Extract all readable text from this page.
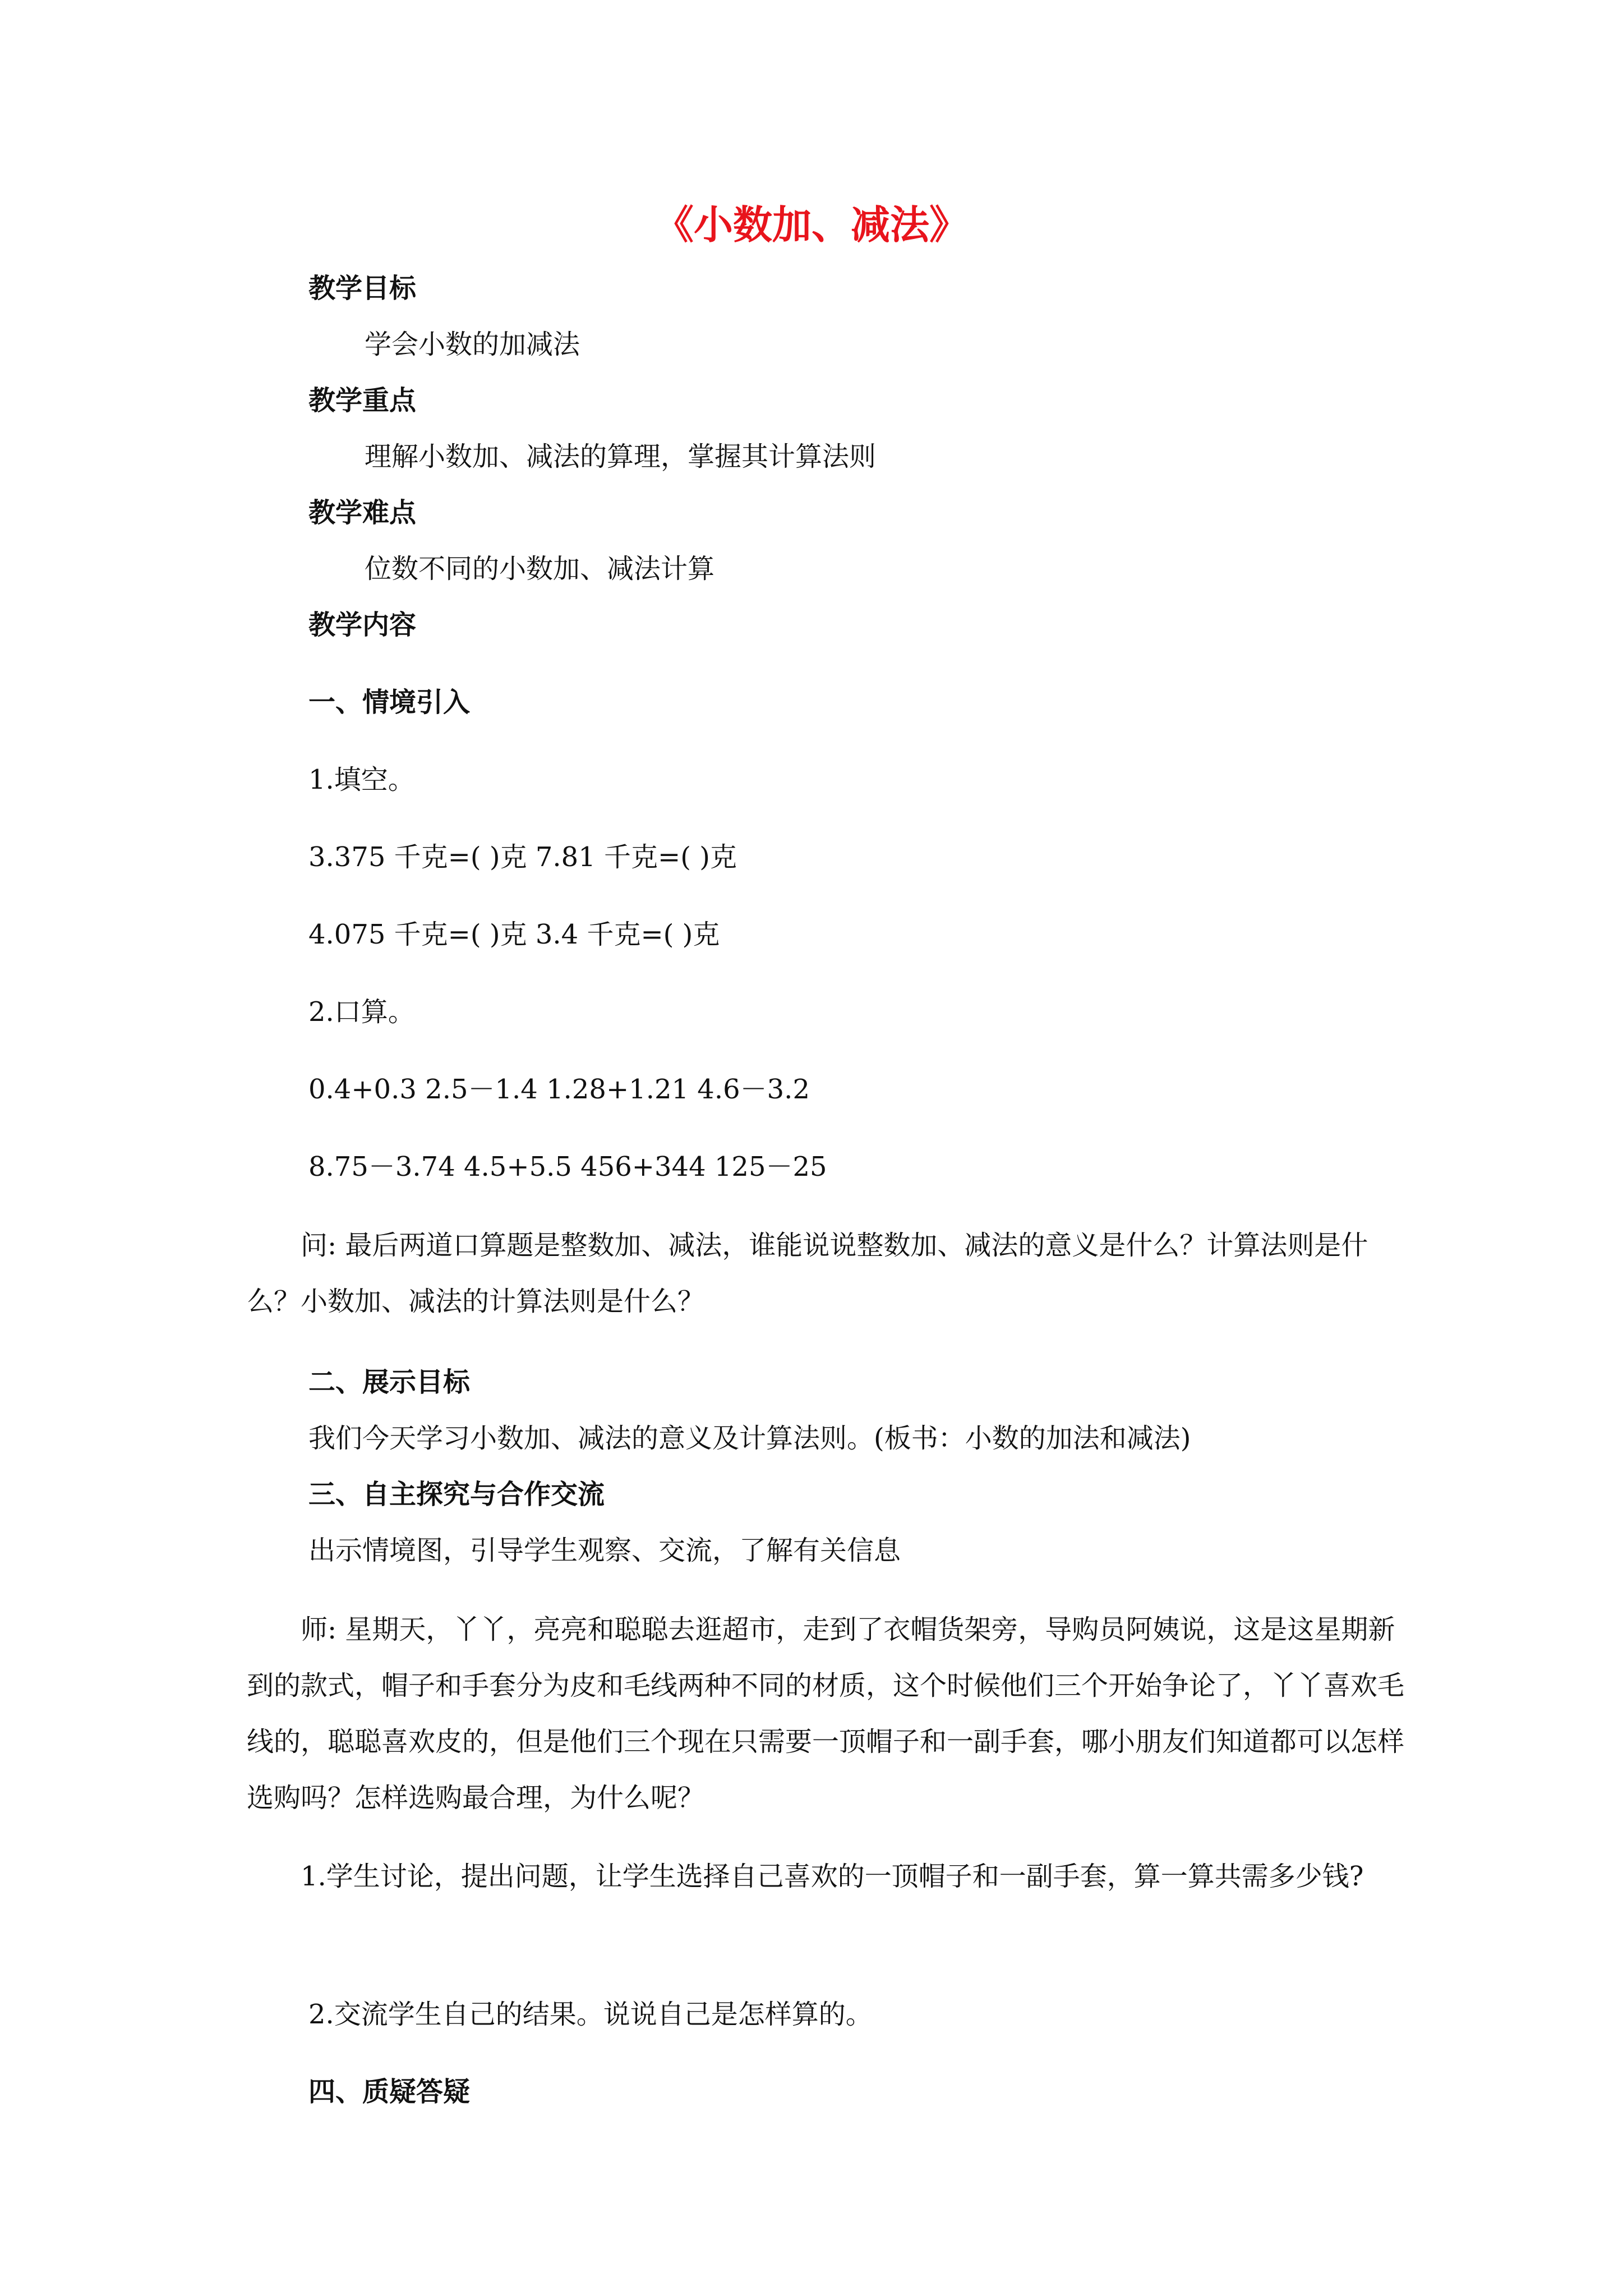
《小数加、减法》
教学目标
学会小数的加减法
教学重点
理解小数加、减法的算理，掌握其计算法则
教学难点
位数不同的小数加、减法计算
教学内容
一、情境引入
1.填空。
3.375 千克=( )克 7.81 千克=( )克
4.075 千克=( )克 3.4 千克=( )克
2.口算。
0.4+0.3 2.5－1.4 1.28+1.21 4.6－3.2
8.75－3.74 4.5+5.5 456+344 125－25
问: 最后两道口算题是整数加、减法，谁能说说整数加、减法的意义是什么？计算法则是什么？小数加、减法的计算法则是什么？
二、展示目标
我们今天学习小数加、减法的意义及计算法则。(板书：小数的加法和减法)
三、自主探究与合作交流
出示情境图，引导学生观察、交流，了解有关信息
师: 星期天，丫丫，亮亮和聪聪去逛超市，走到了衣帽货架旁，导购员阿姨说，这是这星期新到的款式，帽子和手套分为皮和毛线两种不同的材质，这个时候他们三个开始争论了，丫丫喜欢毛线的，聪聪喜欢皮的，但是他们三个现在只需要一顶帽子和一副手套，哪小朋友们知道都可以怎样选购吗？怎样选购最合理，为什么呢？
1.学生讨论，提出问题，让学生选择自己喜欢的一顶帽子和一副手套，算一算共需多少钱?
2.交流学生自己的结果。说说自己是怎样算的。
四、质疑答疑
